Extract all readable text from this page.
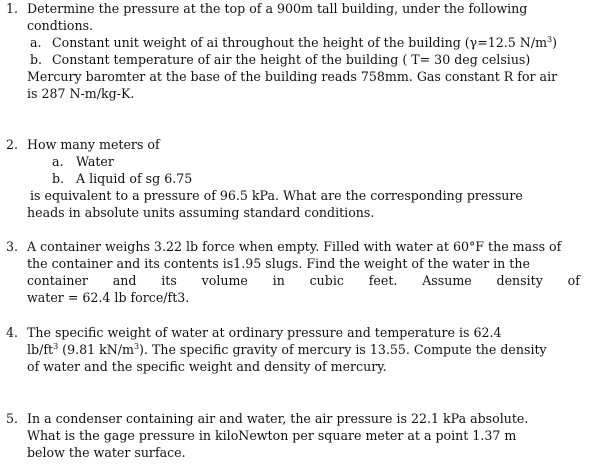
1. Determine the pressure at the top of a 900m tall building, under the following
condtions.
a. Constant unit weight of ai throughout the height of the building (γ=12.5 $N/m^3$)
b. Constant temperature of air the height of the building ( T= 30 deg celsius)
Mercury baromter at the base of the building reads 758mm. Gas constant R for air
is 287 N-m/kg-K.
2. How many meters of
a. Water
b. A liquid of sg 6.75
is equivalent to a pressure of 96.5 kPa. What are the corresponding pressure
heads in absolute units assuming standard conditions.
3. A container weighs 3.22 lb force when empty. Filled with water at 60°F the mass of
the container and its contents is1.95 slugs. Find the weight of the water in the
container and its volume in cubic feet. Assume density of
water = 62.4 lb force/ft3.
4. The specific weight of water at ordinary pressure and temperature is 62.4
$lb/ft^3$ (9.81 $kN/m^3$). The specific gravity of mercury is 13.55. Compute the density
of water and the specific weight and density of mercury.
5. In a condenser containing air and water, the air pressure is 22.1 kPa absolute.
What is the gage pressure in kiloNewton per square meter at a point 1.37 m
below the water surface.
